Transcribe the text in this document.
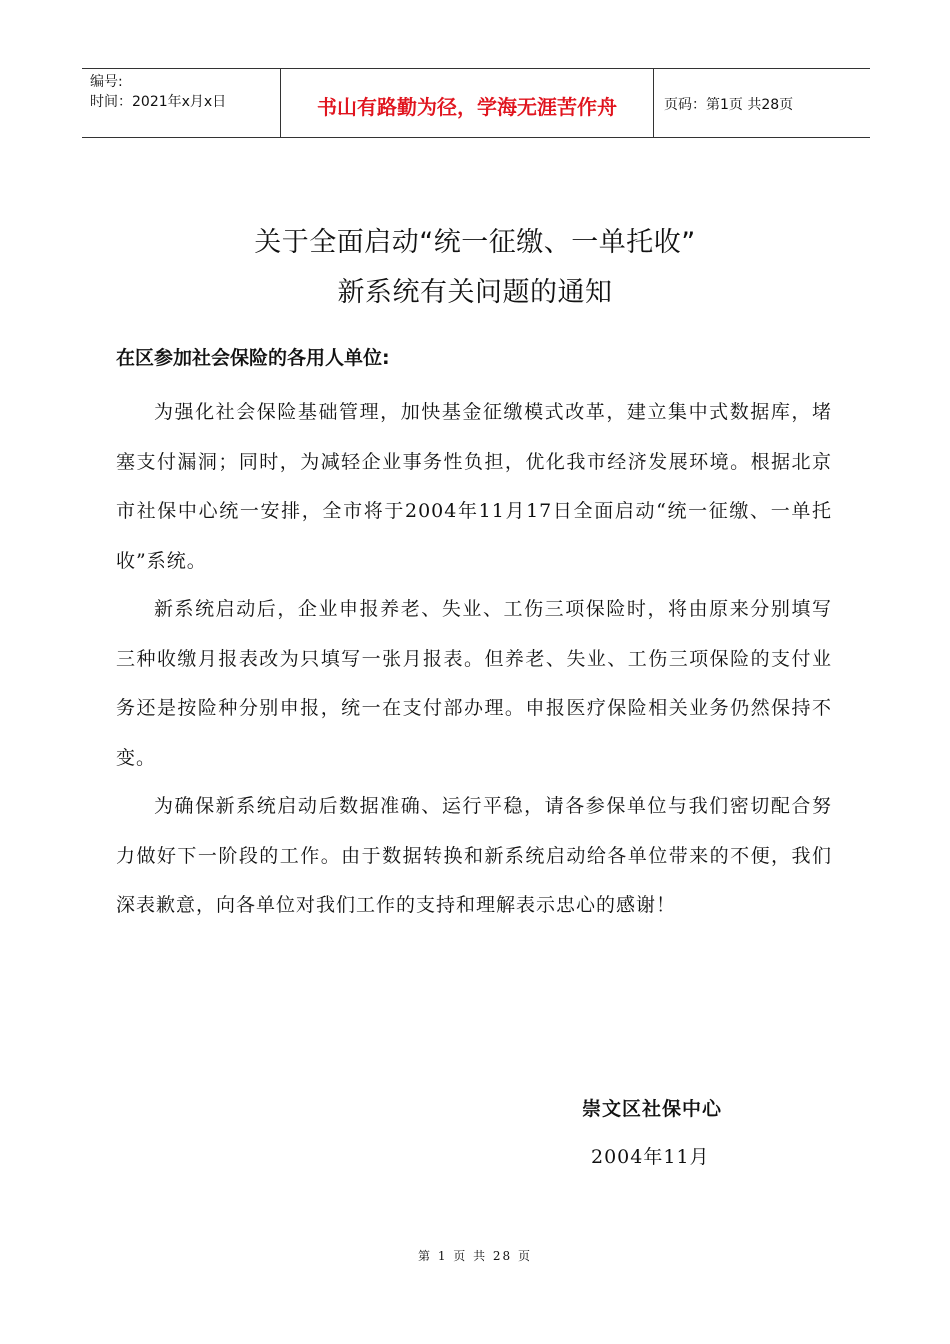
编号:
时间：2021年x月x日	书山有路勤为径，学海无涯苦作舟	页码：第1页 共28页
关于全面启动“统一征缴、一单托收”
新系统有关问题的通知
在区参加社会保险的各用人单位:

为强化社会保险基础管理，加快基金征缴模式改革，建立集中式数据库，堵塞支付漏洞；同时，为减轻企业事务性负担，优化我市经济发展环境。根据北京市社保中心统一安排，全市将于2004年11月17日全面启动“统一征缴、一单托收”系统。

新系统启动后，企业申报养老、失业、工伤三项保险时，将由原来分别填写三种收缴月报表改为只填写一张月报表。但养老、失业、工伤三项保险的支付业务还是按险种分别申报，统一在支付部办理。申报医疗保险相关业务仍然保持不变。

为确保新系统启动后数据准确、运行平稳，请各参保单位与我们密切配合努力做好下一阶段的工作。由于数据转换和新系统启动给各单位带来的不便，我们深表歉意，向各单位对我们工作的支持和理解表示忠心的感谢！

崇文区社保中心
2004年11月
第 1 页 共 28 页
